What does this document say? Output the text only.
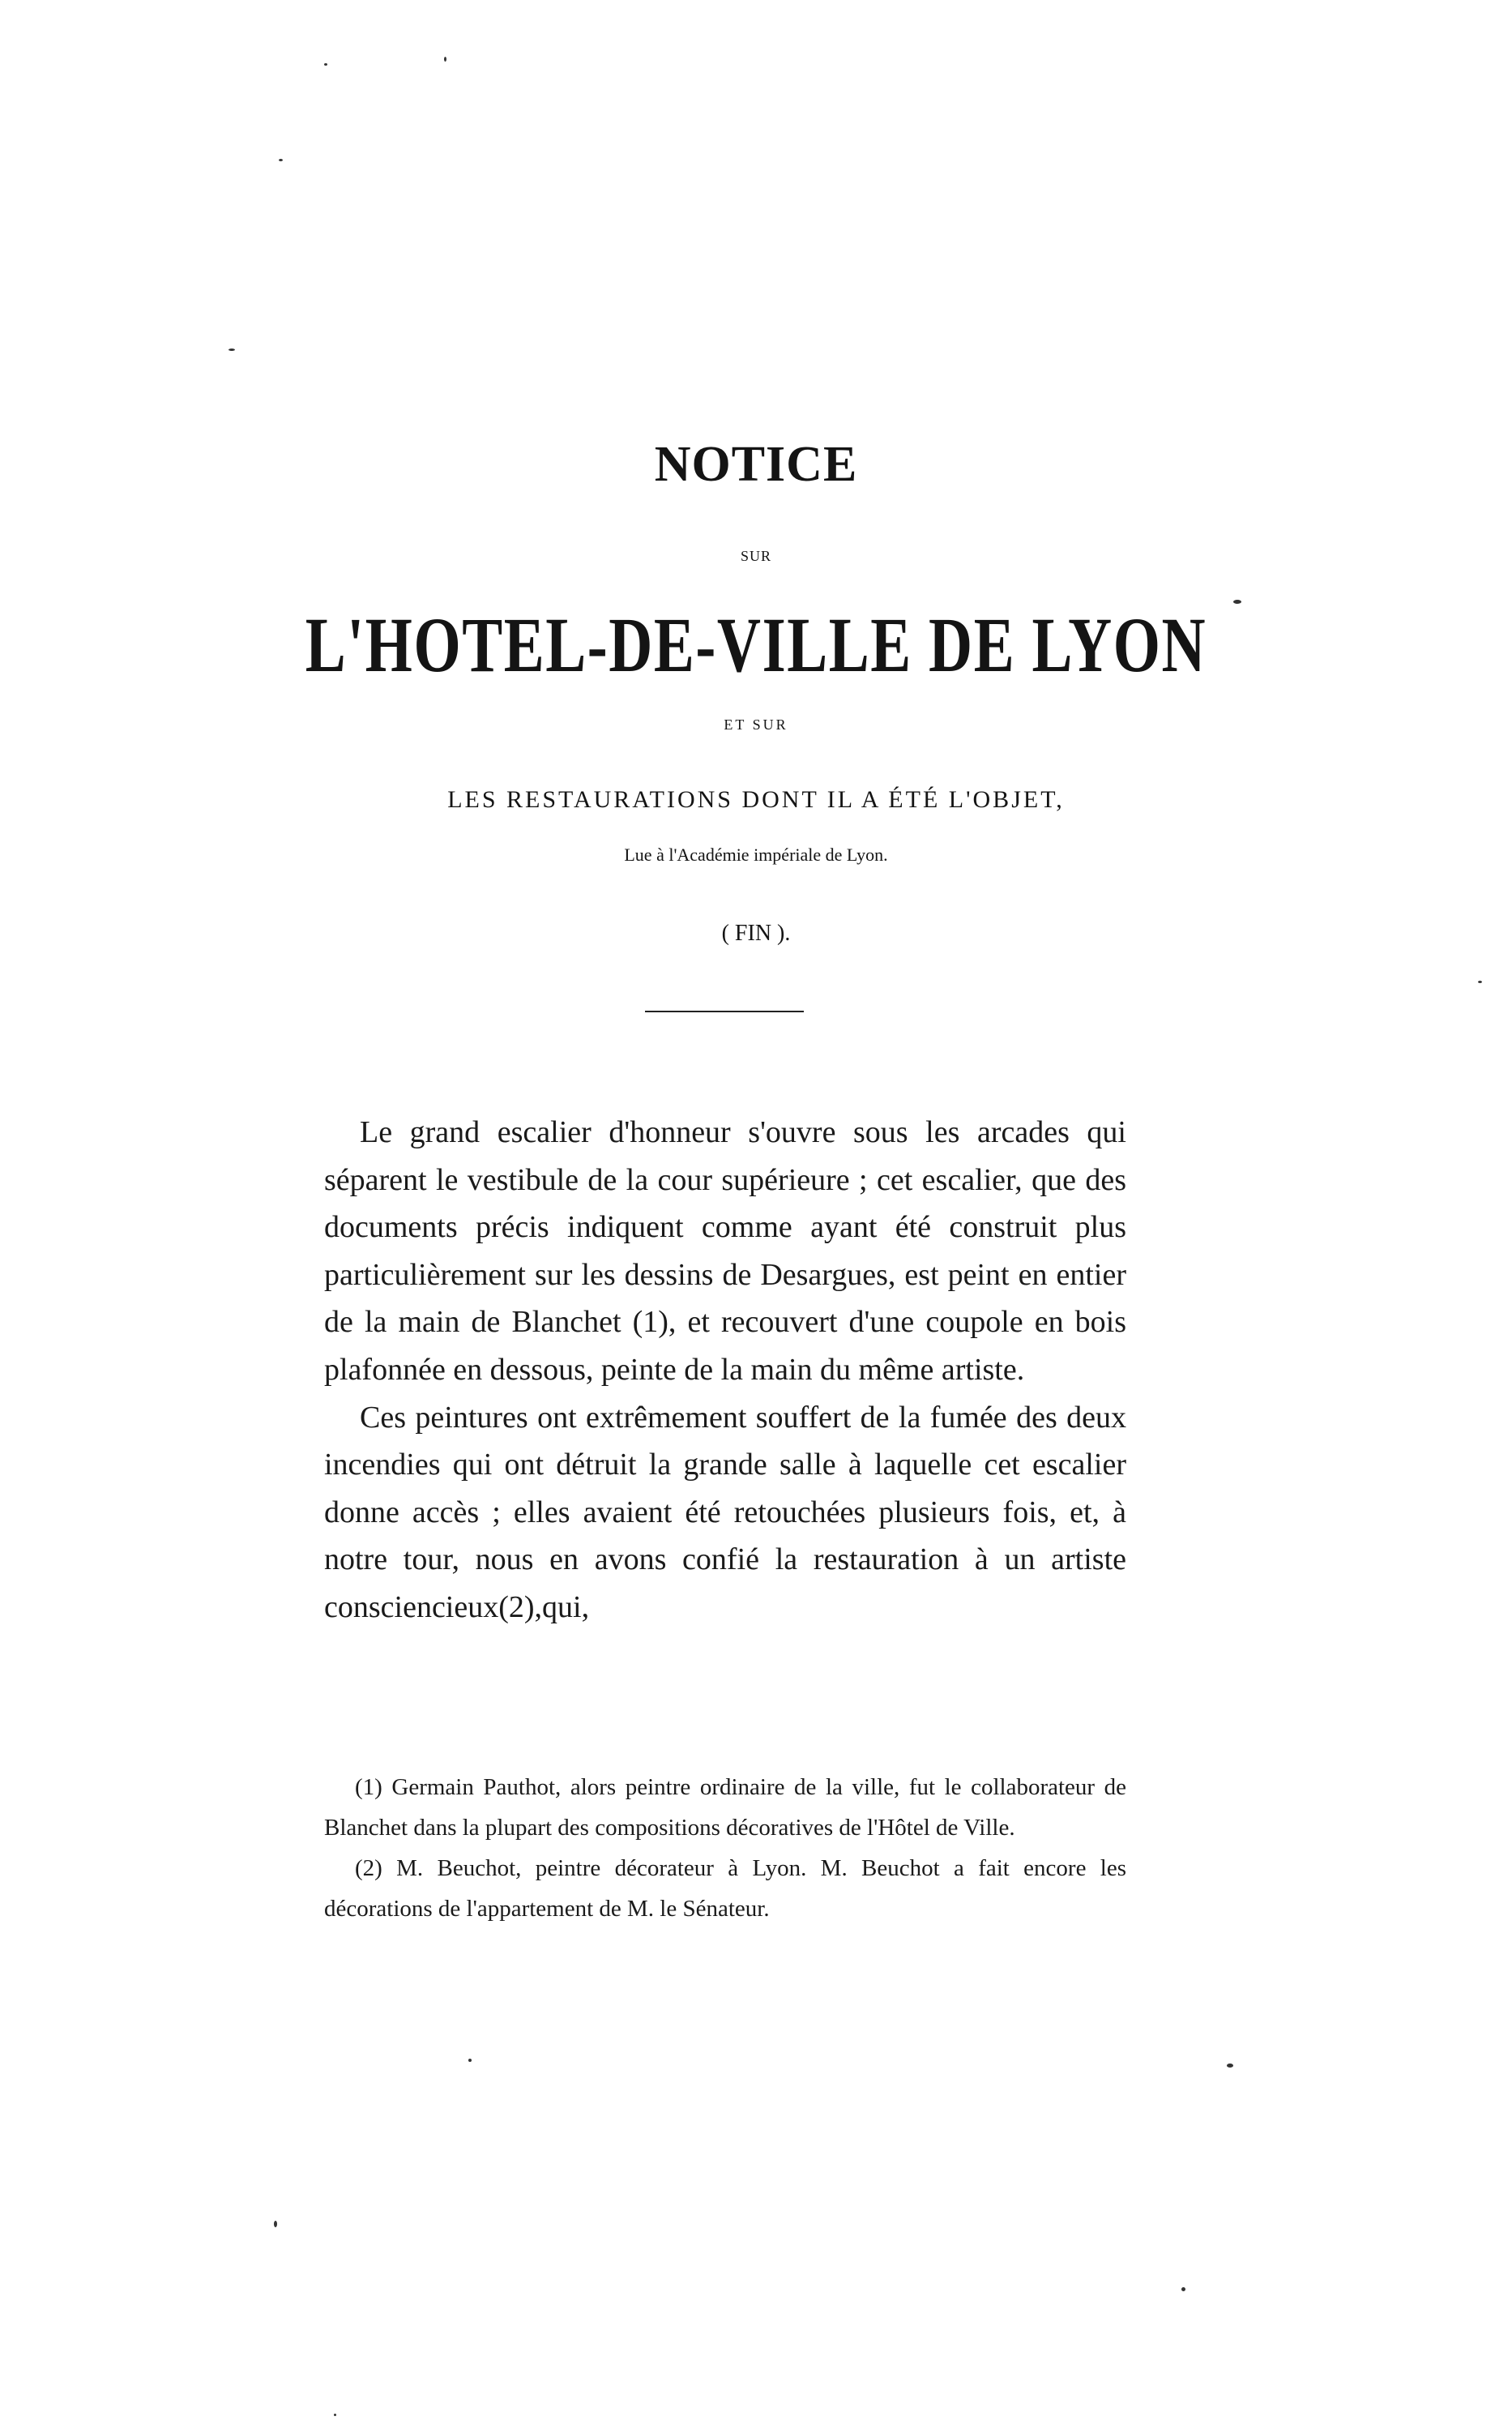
NOTICE
SUR
L'HOTEL-DE-VILLE DE LYON
ET SUR
LES RESTAURATIONS DONT IL A ÉTÉ L'OBJET,
Lue à l'Académie impériale de Lyon.
( FIN ).

Le grand escalier d'honneur s'ouvre sous les arcades qui séparent le vestibule de la cour supérieure ; cet escalier, que des documents précis indiquent comme ayant été construit plus particulièrement sur les dessins de Desargues, est peint en entier de la main de Blanchet (1), et recouvert d'une coupole en bois plafonnée en dessous, peinte de la main du même artiste.

Ces peintures ont extrêmement souffert de la fumée des deux incendies qui ont détruit la grande salle à laquelle cet escalier donne accès ; elles avaient été retouchées plusieurs fois, et, à notre tour, nous en avons confié la restauration à un artiste consciencieux(2),qui,

(1) Germain Pauthot, alors peintre ordinaire de la ville, fut le collaborateur de Blanchet dans la plupart des compositions décoratives de l'Hôtel de Ville.

(2) M. Beuchot, peintre décorateur à Lyon. M. Beuchot a fait encore les décorations de l'appartement de M. le Sénateur.
